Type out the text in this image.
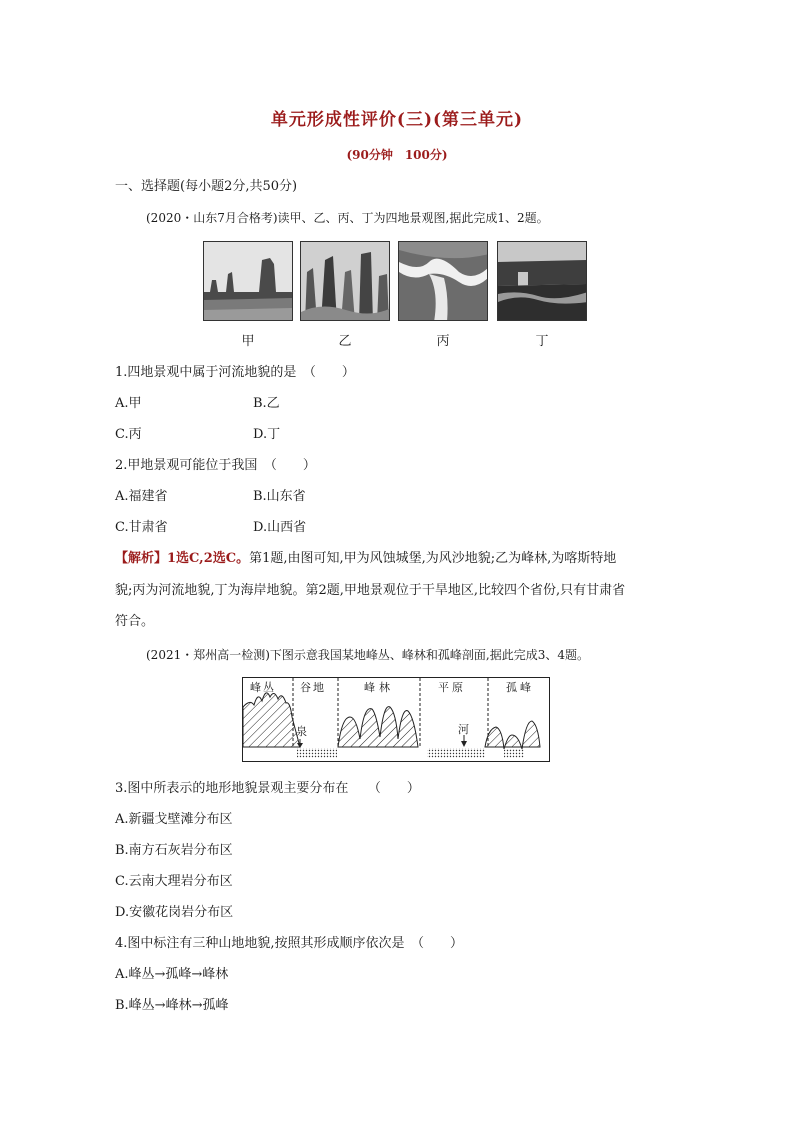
单元形成性评价(三)(第三单元)
(90分钟　100分)
一、选择题(每小题2分,共50分)
(2020・山东7月合格考)读甲、乙、丙、丁为四地景观图,据此完成1、2题。
甲	乙	丙	丁
1.四地景观中属于河流地貌的是　（　　）
A.甲	B.乙
C.丙	D.丁
2.甲地景观可能位于我国　（　　）
A.福建省	B.山东省
C.甘肃省	D.山西省
【解析】1选C,2选C。第1题,由图可知,甲为风蚀城堡,为风沙地貌;乙为峰林,为喀斯特地
貌;丙为河流地貌,丁为海岸地貌。第2题,甲地景观位于干旱地区,比较四个省份,只有甘肃省
符合。
(2021・郑州高一检测)下图示意我国某地峰丛、峰林和孤峰剖面,据此完成3、4题。
峰丛 谷地	峰林	平原	孤峰
泉	河
3.图中所表示的地形地貌景观主要分布在　　（　　）
A.新疆戈壁滩分布区
B.南方石灰岩分布区
C.云南大理岩分布区
D.安徽花岗岩分布区
4.图中标注有三种山地地貌,按照其形成顺序依次是　（　　）
A.峰丛→孤峰→峰林
B.峰丛→峰林→孤峰
